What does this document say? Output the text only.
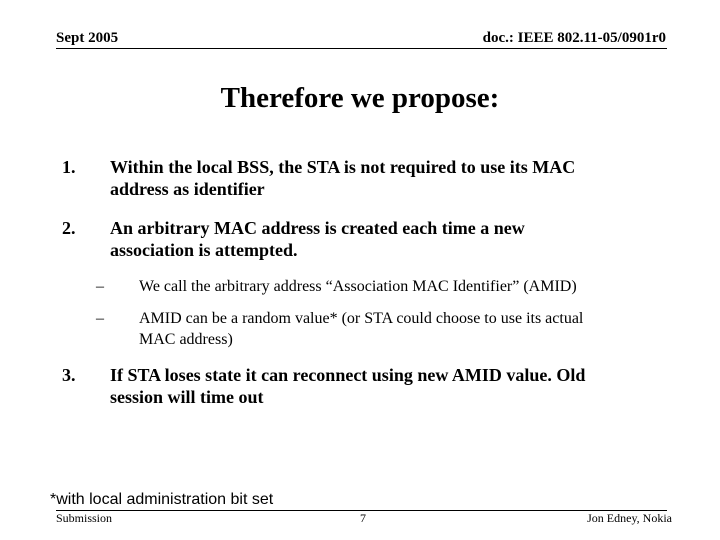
Sept 2005	doc.: IEEE 802.11-05/0901r0
Therefore we propose:
1. Within the local BSS, the STA is not required to use its MAC
address as identifier
2. An arbitrary MAC address is created each time a new
association is attempted.
– We call the arbitrary address “Association MAC Identifier” (AMID)
– AMID can be a random value* (or STA could choose to use its actual
MAC address)
3. If STA loses state it can reconnect using new AMID value. Old
session will time out
*with local administration bit set
Submission	7	Jon Edney, Nokia
